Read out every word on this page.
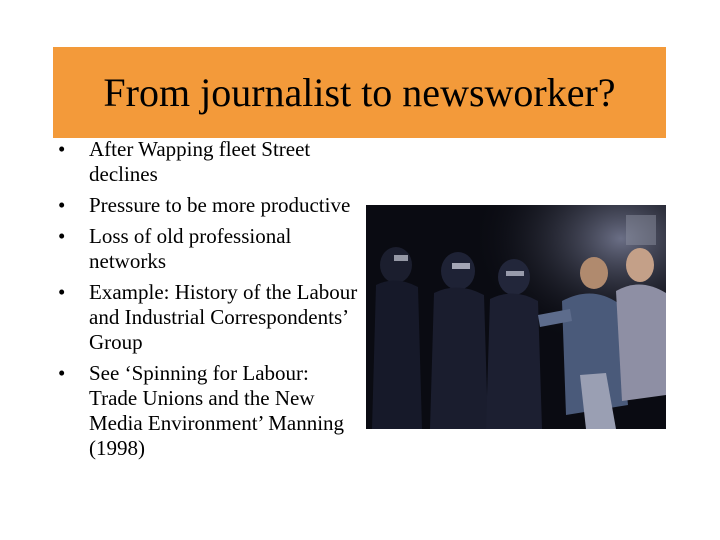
From journalist to newsworker?
•	After Wapping fleet Street declines
•	Pressure to be more productive
•	Loss of old professional networks
•	Example: History of the Labour and Industrial Correspondents’ Group
•	See ‘Spinning for Labour: Trade Unions and the New Media Environment’ Manning (1998)
